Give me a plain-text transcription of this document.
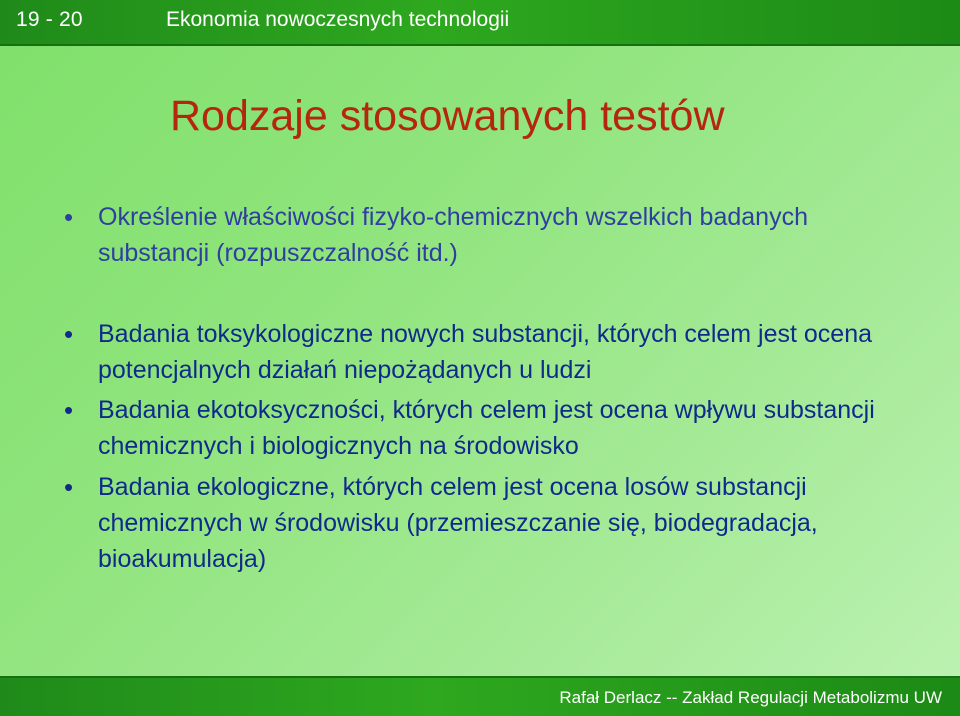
19 - 20	Ekonomia nowoczesnych technologii
Rodzaje stosowanych testów
• Określenie właściwości fizyko-chemicznych wszelkich badanych substancji (rozpuszczalność itd.)
• Badania toksykologiczne nowych substancji, których celem jest ocena potencjalnych działań niepożądanych u ludzi
• Badania ekotoksyczności, których celem jest ocena wpływu substancji chemicznych i biologicznych na środowisko
• Badania ekologiczne, których celem jest ocena losów substancji chemicznych w środowisku (przemieszczanie się, biodegradacja, bioakumulacja)
Rafał Derlacz -- Zakład Regulacji Metabolizmu UW
